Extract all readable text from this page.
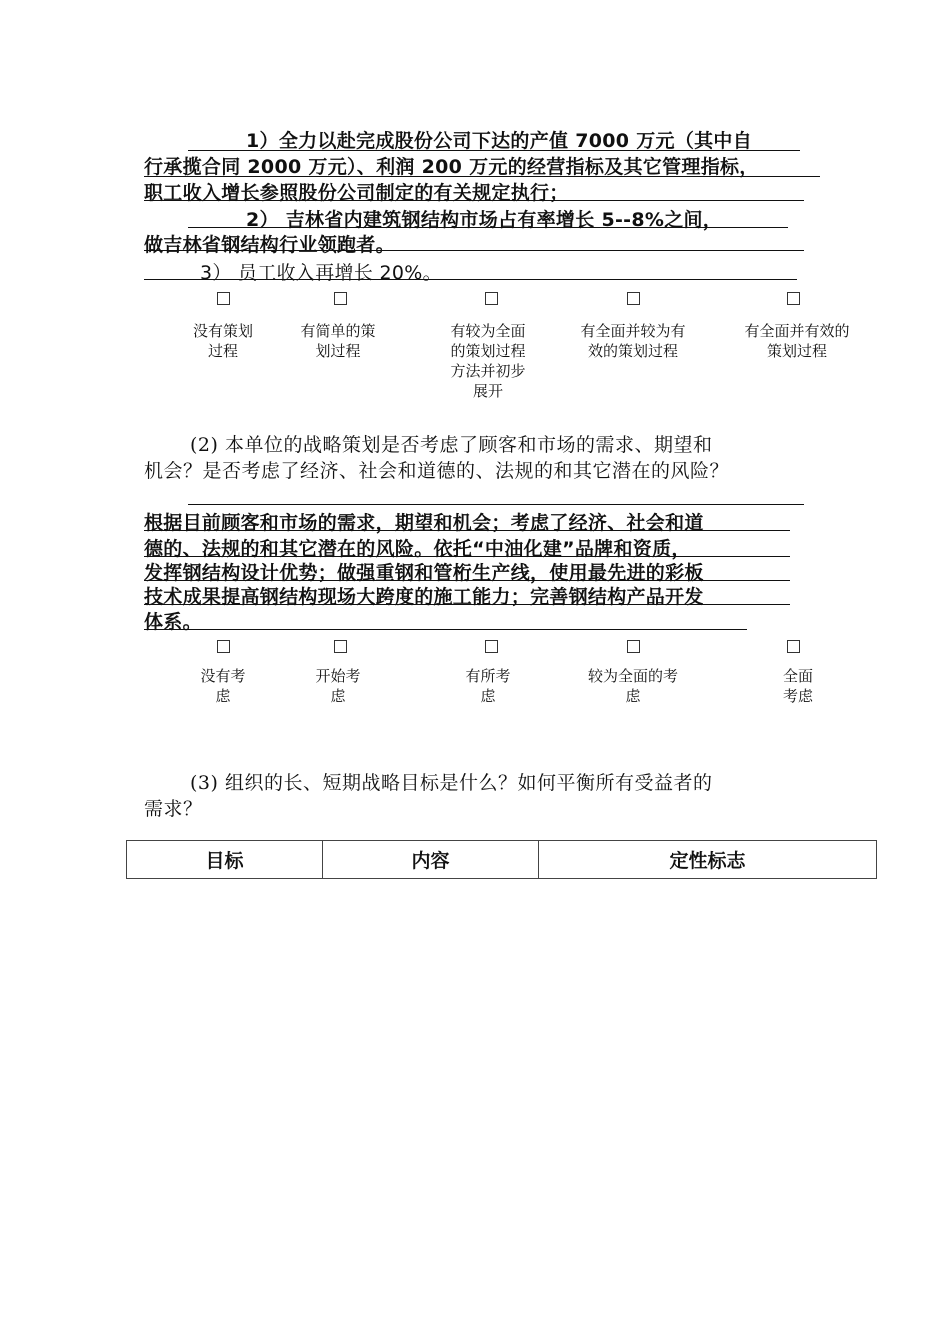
1）全力以赴完成股份公司下达的产值 7000 万元（其中自
行承揽合同 2000 万元）、利润 200 万元的经营指标及其它管理指标，
职工收入增长参照股份公司制定的有关规定执行；
2） 吉林省内建筑钢结构市场占有率增长 5--8%之间，
做吉林省钢结构行业领跑者。
3） 员工收入再增长 20%。
没有策划过程
有简单的策划过程
有较为全面的策划过程方法并初步展开
有全面并较为有效的策划过程
有全面并有效的策划过程
(2) 本单位的战略策划是否考虑了顾客和市场的需求、期望和
机会？是否考虑了经济、社会和道德的、法规的和其它潜在的风险？
根据目前顾客和市场的需求，期望和机会；考虑了经济、社会和道
德的、法规的和其它潜在的风险。依托“中油化建”品牌和资质，
发挥钢结构设计优势；做强重钢和管桁生产线，使用最先进的彩板
技术成果提高钢结构现场大跨度的施工能力；完善钢结构产品开发
体系。
没有考虑
开始考虑
有所考虑
较为全面的考虑
全面考虑
(3) 组织的长、短期战略目标是什么？如何平衡所有受益者的
需求？
目标	内容	定性标志
